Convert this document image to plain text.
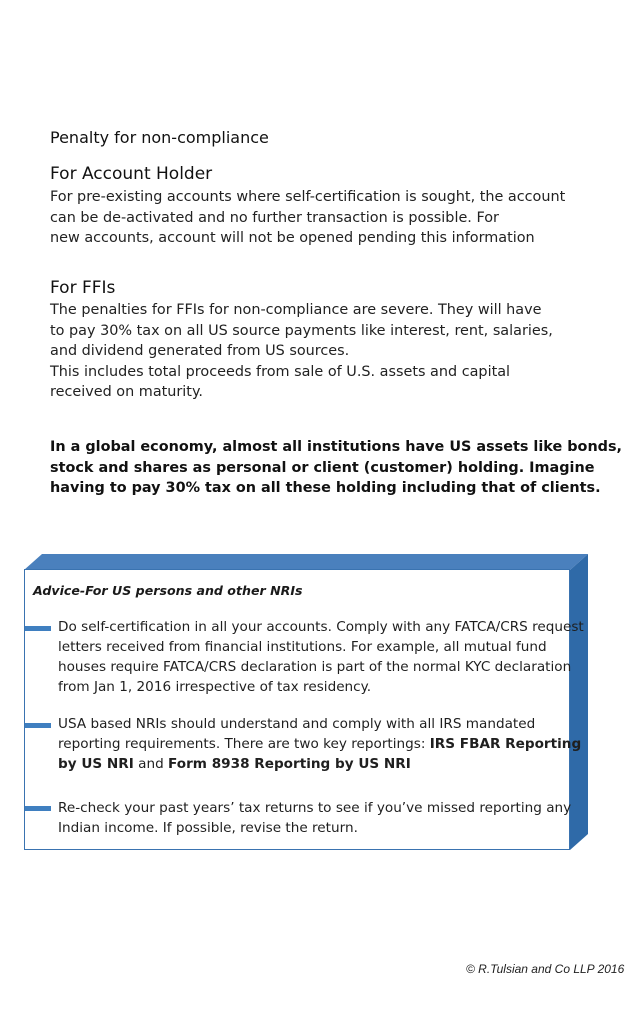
Penalty for non-compliance
For Account Holder
For pre-existing accounts where self-certification is sought, the account
can be de-activated and no further transaction is possible. For
new accounts, account will not be opened pending this information
For FFIs
The penalties for FFIs for non-compliance are severe. They will have
to pay 30% tax on all US source payments like interest, rent, salaries,
and dividend generated from US sources.
This includes total proceeds from sale of U.S. assets and capital
received on maturity.
In a global economy, almost all institutions have US assets like bonds,
stock and shares as personal or client (customer) holding. Imagine
having to pay 30% tax on all these holding including that of clients.
Advice-For US persons and other NRIs
Do self-certification in all your accounts. Comply with any FATCA/CRS request
letters received from financial institutions. For example, all mutual fund
houses require FATCA/CRS declaration is part of the normal KYC declaration
from Jan 1, 2016 irrespective of tax residency.
USA based NRIs should understand and comply with all IRS mandated
reporting requirements. There are two key reportings: IRS FBAR Reporting
by US NRI and Form 8938 Reporting by US NRI
Re-check your past years’ tax returns to see if you’ve missed reporting any
Indian income. If possible, revise the return.
© R.Tulsian and Co LLP 2016
